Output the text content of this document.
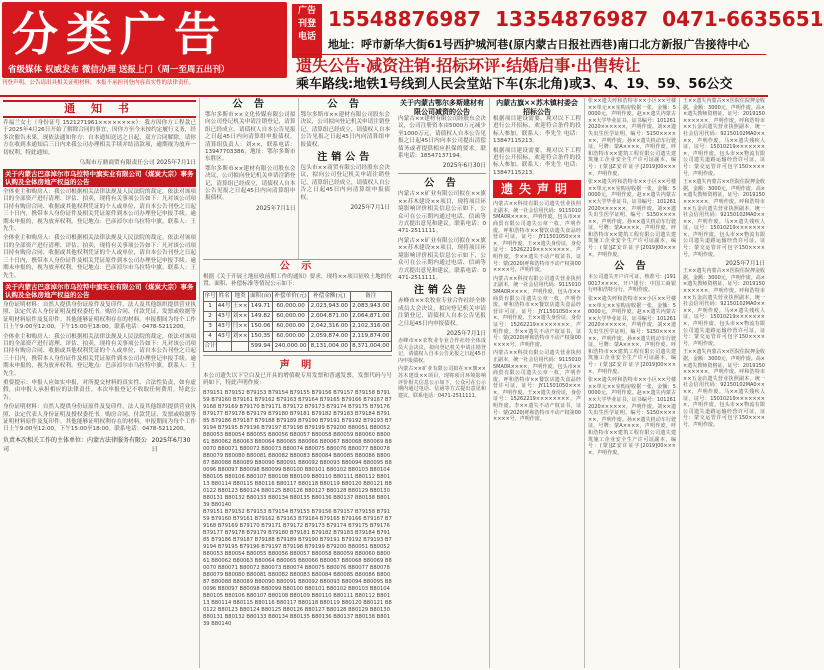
分类广告
省级媒体 权威发布 微信办理 送报上门（周一至周五出刊）
刊登声明、公告请出具相关证明材料，本报不承担刊登内容真实性的法律责任。
广告
刊登
电话
15548876987 13354876987 0471-6635651
地址：呼市新华大街61号西护城河巷(原内蒙古日报社西巷)南口北方新报广告接待中心
遗失公告·减资注销·招标环评·结婚启事·出售转让
乘车路线:地铁1号线到人民会堂站下车(东北角)或3、4、19、59、56公交
通 知 书
乔福兰女士（身份证号 1521271961××××××××）：我方因你方工程款已于2025年4月26日开始了解除合同的事宜，因你方至今未按约定履行义务，经多次催告未果，现依法通知你方：自本通知送达之日起，双方合同解除，请你方在收到本通知后三日内来我公司办理相关手续并结清款项，逾期视为放弃一切权利。特此通知。
乌海市万鼎商贸有限责任公司 2025年7月1日
关于内蒙古巴彦淖尔市乌拉特中旗实业有限公司（煤炭大宗）事务认购及全体房地产权益的公告
全体业主和购房人：我公司根据相关法律法规及人民法院的裁定，依法对该项目的全部资产进行清理、评估、拍卖，现将有关事项公告如下：凡对该公司项目持有购房合同、收据或其他权利凭证的个人或单位，请自本公告刊登之日起三十日内，携带本人身份证件及相关凭证原件到本公司办理登记申报手续。逾期未申报的，视为放弃权利。登记地点：巴彦淖尔市乌拉特中旗。联系人：王先生。
全体业主和购房人：我公司根据相关法律法规及人民法院的裁定，依法对该项目的全部资产进行清理、评估、拍卖，现将有关事项公告如下：凡对该公司项目持有购房合同、收据或其他权利凭证的个人或单位，请自本公告刊登之日起三十日内，携带本人身份证件及相关凭证原件到本公司办理登记申报手续。逾期未申报的，视为放弃权利。登记地点：巴彦淖尔市乌拉特中旗。联系人：王先生。
关于内蒙古巴彦淖尔市乌拉特中旗实业有限公司（煤炭大宗）事务认购及全体房地产权益的公告
身份证明材料：自然人提供身份证原件及复印件，法人及其他组织提供营业执照、法定代表人身份证明及授权委托书。购房合同、付款凭证、发票或收据等证明材料原件及复印件。其他能够证明权利存在的材料。申报期间为每个工作日上午9:00至12:00，下午15:00至18:00。联系电话：0478-5211200。
全体业主和购房人：我公司根据相关法律法规及人民法院的裁定，依法对该项目的全部资产进行清理、评估、拍卖，现将有关事项公告如下：凡对该公司项目持有购房合同、收据或其他权利凭证的个人或单位，请自本公告刊登之日起三十日内，携带本人身份证件及相关凭证原件到本公司办理登记申报手续。逾期未申报的，视为放弃权利。登记地点：巴彦淖尔市乌拉特中旗。联系人：王先生。
重要提示：申报人应如实申报，对所提交材料的真实性、合法性负责，如有虚假，由申报人承担相应的法律责任。本次申报登记不收取任何费用。特此公告。
身份证明材料：自然人提供身份证原件及复印件，法人及其他组织提供营业执照、法定代表人身份证明及授权委托书。购房合同、付款凭证、发票或收据等证明材料原件及复印件。其他能够证明权利存在的材料。申报期间为每个工作日上午9:00至12:00，下午15:00至18:00。联系电话：0478-5211200。
负责本次相关工作的主体单位：内蒙古法律服务有限公司
2025年6月30日
公 告
鄂尔多斯市××文化传媒有限公司拟向公司登记机关申请注销登记，清算组已经成立，请债权人自本公告见报之日起45日内向清算组申报债权。清算组负责人：刘××，联系电话：13947703386，地址：鄂尔多斯市东胜区。
鄂尔多斯市××建材有限公司股东会决议，公司拟向登记机关申请注销登记，清算组已经成立，请债权人自本公告见报之日起45日内向清算组申报债权。
2025年7月1日
公 告
鄂尔多斯市××建材有限公司股东会决议，公司拟向登记机关申请注销登记，清算组已经成立，请债权人自本公告见报之日起45日内向清算组申报债权。
注销公告
包头市××商贸有限公司经股东会决议，拟向公司登记机关申请注销登记，清算组已经成立，请债权人自公告之日起45日内向清算组申报债权。
2025年7月1日
公 示
根据《关于开展土地征收前期工作的通知》要求，现将××项目征收土地的位置、面积、补偿标准等情况公示如下：
序号	姓名	地类	面积(亩)	补偿单价(元)	补偿金额(元)	备注
1	44号	王××	149.71	60,000.00	2,023,943.00	2,083,943.00
2	43号	刘××	149.82	60,000.00	2,004,871.00	2,064,871.00
3	43号	闫××	150.06	60,000.00	2,042,316.00	2,102,316.00
4	43号	刘××	150.35	60,000.00	2,059,874.00	2,119,874.00
合计			599.94	240,000.00	8,131,004.00	8,371,004.00
声 明
本公司遗失以下空白及已开具的增值税专用发票和普通发票，发票代码与号码如下，特此声明作废：
B79151 B79152 B79153 B79154 B79155 B79156 B79157 B79158 B79159 B79160 B79161 B79162 B79163 B79164 B79165 B79166 B79167 B79168 B79169 B79170 B79171 B79172 B79173 B79174 B79175 B79176 B79177 B79178 B79179 B79180 B79181 B79182 B79183 B79184 B79185 B79186 B79187 B79188 B79189 B79190 B79191 B79192 B79193 B79194 B79195 B79196 B79197 B79198 B79199 B79200 B80051 B80052 B80053 B80054 B80055 B80056 B80057 B80058 B80059 B80060 B80061 B80062 B80063 B80064 B80065 B80066 B80067 B80068 B80069 B80070 B80071 B80072 B80073 B80074 B80075 B80076 B80077 B80078 B80079 B80080 B80081 B80082 B80083 B80084 B80085 B80086 B80087 B80088 B80089 B80090 B80091 B80092 B80093 B80094 B80095 B80096 B80097 B80098 B80099 B80100 B80101 B80102 B80103 B80104 B80105 B80106 B80107 B80108 B80109 B80110 B80111 B80112 B80113 B80114 B80115 B80116 B80117 B80118 B80119 B80120 B80121 B80122 B80123 B80124 B80125 B80126 B80127 B80128 B80129 B80130 B80131 B80132 B80133 B80134 B80135 B80136 B80137 B80138 B80139 B80140
B79151 B79152 B79153 B79154 B79155 B79156 B79157 B79158 B79159 B79160 B79161 B79162 B79163 B79164 B79165 B79166 B79167 B79168 B79169 B79170 B79171 B79172 B79173 B79174 B79175 B79176 B79177 B79178 B79179 B79180 B79181 B79182 B79183 B79184 B79185 B79186 B79187 B79188 B79189 B79190 B79191 B79192 B79193 B79194 B79195 B79196 B79197 B79198 B79199 B79200 B80051 B80052 B80053 B80054 B80055 B80056 B80057 B80058 B80059 B80060 B80061 B80062 B80063 B80064 B80065 B80066 B80067 B80068 B80069 B80070 B80071 B80072 B80073 B80074 B80075 B80076 B80077 B80078 B80079 B80080 B80081 B80082 B80083 B80084 B80085 B80086 B80087 B80088 B80089 B80090 B80091 B80092 B80093 B80094 B80095 B80096 B80097 B80098 B80099 B80100 B80101 B80102 B80103 B80104 B80105 B80106 B80107 B80108 B80109 B80110 B80111 B80112 B80113 B80114 B80115 B80116 B80117 B80118 B80119 B80120 B80121 B80122 B80123 B80124 B80125 B80126 B80127 B80128 B80129 B80130 B80131 B80132 B80133 B80134 B80135 B80136 B80137 B80138 B80139 B80140
关于内蒙古鄂尔多斯建材有限公司减资的公告
内蒙古××建材有限公司经股东会决议，公司注册资本由5000万元减少至1000万元，请债权人自本公告见报之日起45日内向本公司提出清偿债务或者提供相应担保的要求。联系电话：18547137194。
2025年6月30日
公 告
内蒙古××矿业有限公司拟在××旗××苏木建设××项目，现将项目环境影响评价相关信息公示如下，公众可在公示期内通过电话、信函等方式提出意见和建议。联系电话：0471-2511111。
内蒙古××矿业有限公司拟在××旗××苏木建设××项目，现将项目环境影响评价相关信息公示如下，公众可在公示期内通过电话、信函等方式提出意见和建议。联系电话：0471-2511111。
注销公告
赤峰市××农牧业专业合作社经全体成员大会决议，拟向登记机关申请注销登记，请债权人自本公告见报之日起45日内申报债权。
2025年7月1日
赤峰市××农牧业专业合作社经全体成员大会决议，拟向登记机关申请注销登记，请债权人自本公告见报之日起45日内申报债权。
内蒙古××矿业有限公司拟在××旗××苏木建设××项目，现将项目环境影响评价相关信息公示如下，公众可在公示期内通过电话、信函等方式提出意见和建议。联系电话：0471-2511111。
内蒙古旗××苏木镇村委会招标公告
根据项目建设需要，现对以下工程进行公开招标，欢迎符合条件的投标人参加。联系人：李先生 电话：13847115213。
根据项目建设需要，现对以下工程进行公开招标，欢迎符合条件的投标人参加。联系人：李先生 电话：13847115213。
遗失声明
内蒙古××科技有限公司遗失营业执照正副本，统一社会信用代码：91150105MA0R××××，声明作废。包头市××商贸有限公司遗失公章一枚，声明作废。呼和浩特市××餐饮店遗失食品经营许可证，证号：JY11501050××××，声明作废。王××遗失身份证，身份证号：15262219××××××××，声明作废。李××遗失不动产权证书，证号：蒙(2020)呼和浩特市不动产权第00××××号，声明作废。
内蒙古××科技有限公司遗失营业执照正副本，统一社会信用代码：91150105MA0R××××，声明作废。包头市××商贸有限公司遗失公章一枚，声明作废。呼和浩特市××餐饮店遗失食品经营许可证，证号：JY11501050××××，声明作废。王××遗失身份证，身份证号：15262219××××××××，声明作废。李××遗失不动产权证书，证号：蒙(2020)呼和浩特市不动产权第00××××号，声明作废。
内蒙古××科技有限公司遗失营业执照正副本，统一社会信用代码：91150105MA0R××××，声明作废。包头市××商贸有限公司遗失公章一枚，声明作废。呼和浩特市××餐饮店遗失食品经营许可证，证号：JY11501050××××，声明作废。王××遗失身份证，身份证号：15262219××××××××，声明作废。李××遗失不动产权证书，证号：蒙(2020)呼和浩特市不动产权第00××××号，声明作废。
张××遗失呼和浩特市××小区××号楼××单元××室购房收据一张，金额：50000元，声明作废。赵××遗失内蒙古××大学毕业证书，证书编号：1012612020××××××，声明作废。刘××遗失出生医学证明，编号：S150××××××，声明作废。孙××遗失机动车行驶证，号牌：蒙A××××，声明作废。呼和浩特市××建筑工程有限公司遗失建筑施工企业安全生产许可证副本，编号：(蒙)JZ安许证字[2019]00××××，声明作废。
张××遗失呼和浩特市××小区××号楼××单元××室购房收据一张，金额：50000元，声明作废。赵××遗失内蒙古××大学毕业证书，证书编号：1012612020××××××，声明作废。刘××遗失出生医学证明，编号：S150××××××，声明作废。孙××遗失机动车行驶证，号牌：蒙A××××，声明作废。呼和浩特市××建筑工程有限公司遗失建筑施工企业安全生产许可证副本，编号：(蒙)JZ安许证字[2019]00××××，声明作废。
公 告
本公司遗失开户许可证，核准号：J1910017××××，开户银行：中国工商银行呼和浩特分行，声明作废。
张××遗失呼和浩特市××小区××号楼××单元××室购房收据一张，金额：50000元，声明作废。赵××遗失内蒙古××大学毕业证书，证书编号：1012612020××××××，声明作废。刘××遗失出生医学证明，编号：S150××××××，声明作废。孙××遗失机动车行驶证，号牌：蒙A××××，声明作废。呼和浩特市××建筑工程有限公司遗失建筑施工企业安全生产许可证副本，编号：(蒙)JZ安许证字[2019]00××××，声明作废。
张××遗失呼和浩特市××小区××号楼××单元××室购房收据一张，金额：50000元，声明作废。赵××遗失内蒙古××大学毕业证书，证书编号：1012612020××××××，声明作废。刘××遗失出生医学证明，编号：S150××××××，声明作废。孙××遗失机动车行驶证，号牌：蒙A××××，声明作废。呼和浩特市××建筑工程有限公司遗失建筑施工企业安全生产许可证副本，编号：(蒙)JZ安许证字[2019]00××××，声明作废。
王××遗失内蒙古××医院住院押金收据，金额：3000元，声明作废。高××遗失教师资格证，证号：2019150××××××，声明作废。呼和浩特市××五金店遗失营业执照副本，统一社会信用代码：92150102MA0××××，声明作废。马××遗失残疾人证，证号：15010219××××××××，声明作废。包头市××物流有限公司遗失道路运输经营许可证，证号：蒙交运管许可包字150××××号，声明作废。
王××遗失内蒙古××医院住院押金收据，金额：3000元，声明作废。高××遗失教师资格证，证号：2019150××××××，声明作废。呼和浩特市××五金店遗失营业执照副本，统一社会信用代码：92150102MA0××××，声明作废。马××遗失残疾人证，证号：15010219××××××××，声明作废。包头市××物流有限公司遗失道路运输经营许可证，证号：蒙交运管许可包字150××××号，声明作废。
2025年7月1日
王××遗失内蒙古××医院住院押金收据，金额：3000元，声明作废。高××遗失教师资格证，证号：2019150××××××，声明作废。呼和浩特市××五金店遗失营业执照副本，统一社会信用代码：92150102MA0××××，声明作废。马××遗失残疾人证，证号：15010219××××××××，声明作废。包头市××物流有限公司遗失道路运输经营许可证，证号：蒙交运管许可包字150××××号，声明作废。
王××遗失内蒙古××医院住院押金收据，金额：3000元，声明作废。高××遗失教师资格证，证号：2019150××××××，声明作废。呼和浩特市××五金店遗失营业执照副本，统一社会信用代码：92150102MA0××××，声明作废。马××遗失残疾人证，证号：15010219××××××××，声明作废。包头市××物流有限公司遗失道路运输经营许可证，证号：蒙交运管许可包字150××××号，声明作废。
